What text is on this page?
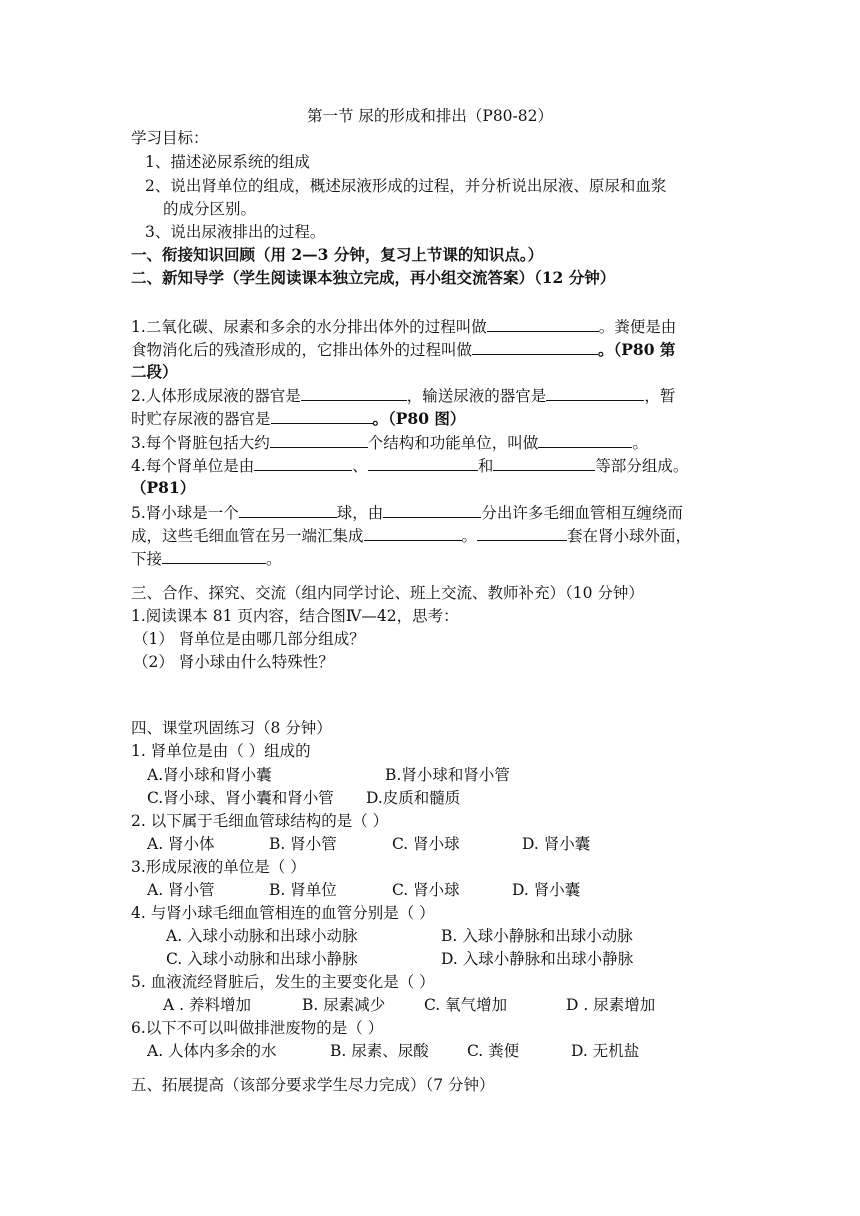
第一节 尿的形成和排出（P80-82）
学习目标：
1、描述泌尿系统的组成
2、说出肾单位的组成，概述尿液形成的过程，并分析说出尿液、原尿和血浆
的成分区别。
3、说出尿液排出的过程。
一、衔接知识回顾（用 2—3 分钟，复习上节课的知识点。）
二、新知导学（学生阅读课本独立完成，再小组交流答案）（12 分钟）
1.二氧化碳、尿素和多余的水分排出体外的过程叫做	。粪便是由
食物消化后的残渣形成的，它排出体外的过程叫做	。（P80 第
二段）
2.人体形成尿液的器官是	，输送尿液的器官是	，暂
时贮存尿液的器官是	。（P80 图）
3.每个肾脏包括大约	个结构和功能单位，叫做	。
4.每个肾单位是由	、	和	等部分组成。
（P81）
5.肾小球是一个	球，由	分出许多毛细血管相互缠绕而
成，这些毛细血管在另一端汇集成	。	套在肾小球外面，
下接	。
三、合作、探究、交流（组内同学讨论、班上交流、教师补充）（10 分钟）
1.阅读课本 81 页内容，结合图Ⅳ—42，思考：
（1） 肾单位是由哪几部分组成？
（2） 肾小球由什么特殊性？
四、课堂巩固练习（8 分钟）
1. 肾单位是由（ ）组成的
A.肾小球和肾小囊	B.肾小球和肾小管
C.肾小球、肾小囊和肾小管 D.皮质和髓质
2. 以下属于毛细血管球结构的是（ ）
A. 肾小体	B. 肾小管	C. 肾小球	D. 肾小囊
3.形成尿液的单位是（ ）
A. 肾小管	B. 肾单位	C. 肾小球	D. 肾小囊
4. 与肾小球毛细血管相连的血管分别是（ ）
A. 入球小动脉和出球小动脉	B. 入球小静脉和出球小动脉
C. 入球小动脉和出球小静脉	D. 入球小静脉和出球小静脉
5. 血液流经肾脏后，发生的主要变化是（ ）
A . 养料增加	B. 尿素减少	C. 氧气增加	D . 尿素增加
6.以下不可以叫做排泄废物的是（ ）
A. 人体内多余的水	B. 尿素、尿酸 C. 粪便	D. 无机盐
五、拓展提高（该部分要求学生尽力完成）（7 分钟）
